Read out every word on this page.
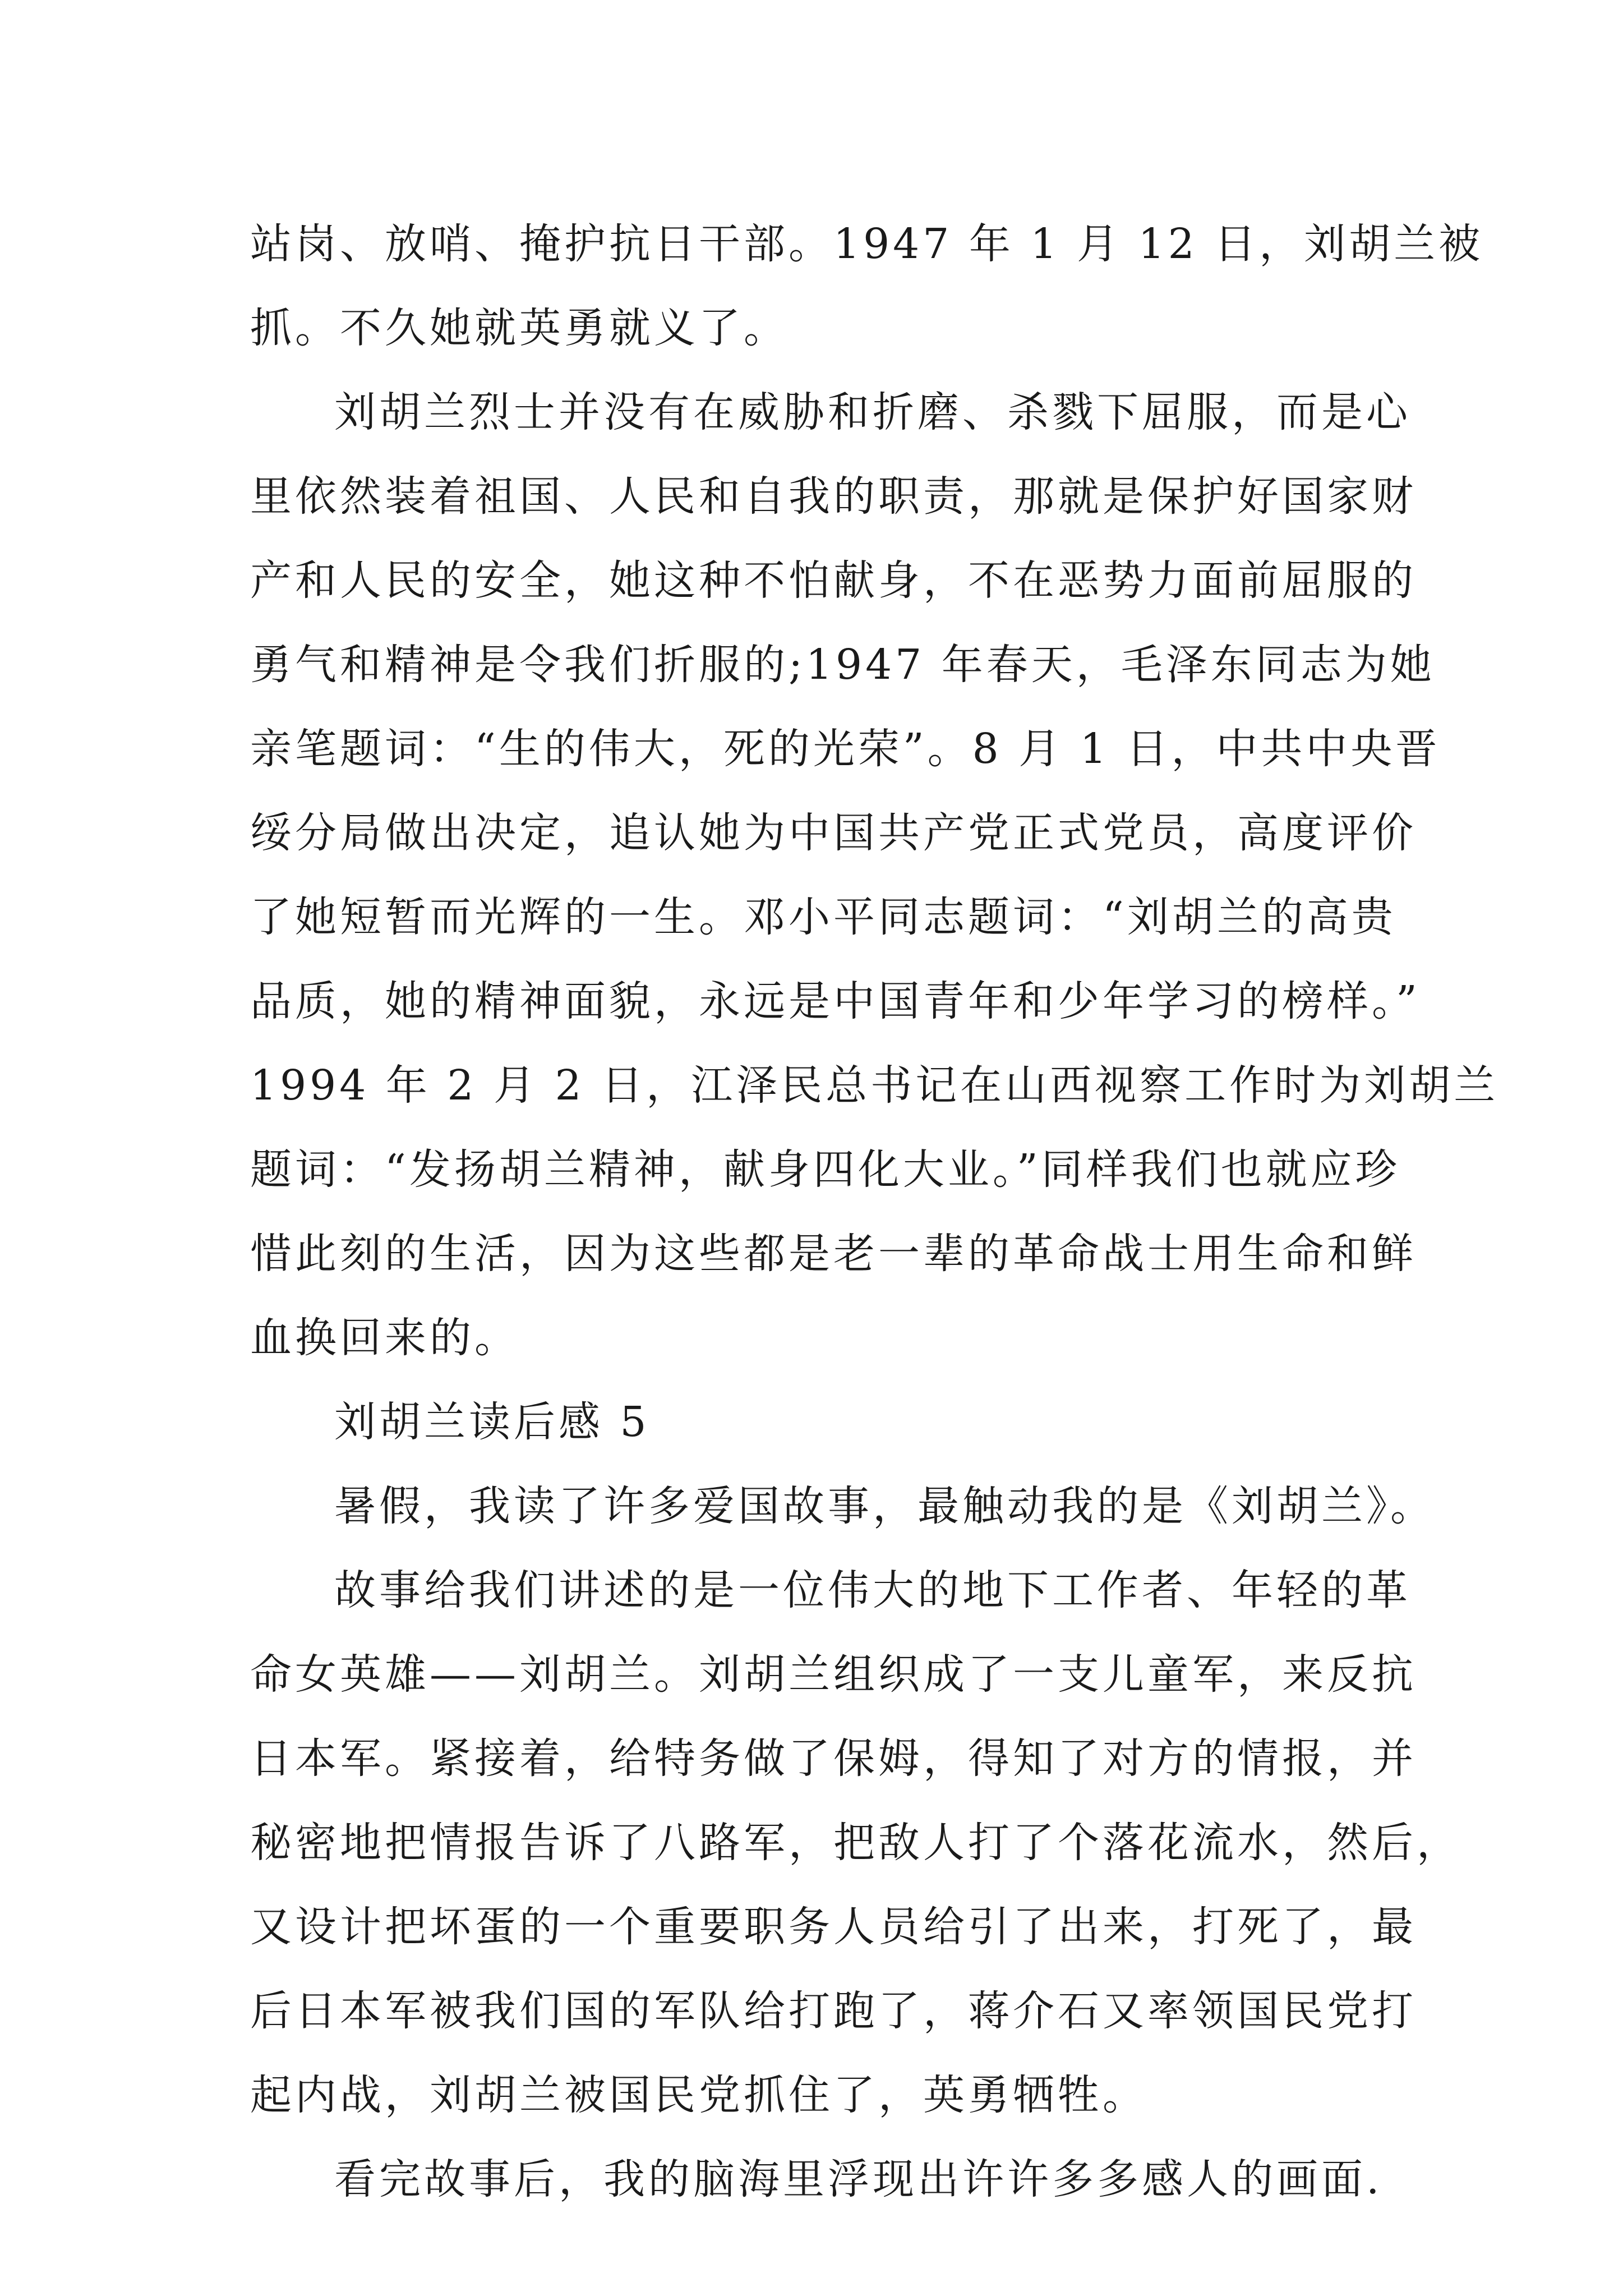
站岗、放哨、掩护抗日干部。1947 年 1 月 12 日，刘胡兰被
抓。不久她就英勇就义了。
刘胡兰烈士并没有在威胁和折磨、杀戮下屈服，而是心
里依然装着祖国、人民和自我的职责，那就是保护好国家财
产和人民的安全，她这种不怕献身，不在恶势力面前屈服的
勇气和精神是令我们折服的;1947 年春天，毛泽东同志为她
亲笔题词：“生的伟大，死的光荣”。8 月 1 日，中共中央晋
绥分局做出决定，追认她为中国共产党正式党员，高度评价
了她短暂而光辉的一生。邓小平同志题词：“刘胡兰的高贵
品质，她的精神面貌，永远是中国青年和少年学习的榜样。”
1994 年 2 月 2 日，江泽民总书记在山西视察工作时为刘胡兰
题词：“发扬胡兰精神，献身四化大业。”同样我们也就应珍
惜此刻的生活，因为这些都是老一辈的革命战士用生命和鲜
血换回来的。
刘胡兰读后感 5
暑假，我读了许多爱国故事，最触动我的是《刘胡兰》。
故事给我们讲述的是一位伟大的地下工作者、年轻的革
命女英雄——刘胡兰。刘胡兰组织成了一支儿童军，来反抗
日本军。紧接着，给特务做了保姆，得知了对方的情报，并
秘密地把情报告诉了八路军，把敌人打了个落花流水，然后，
又设计把坏蛋的一个重要职务人员给引了出来，打死了，最
后日本军被我们国的军队给打跑了，蒋介石又率领国民党打
起内战，刘胡兰被国民党抓住了，英勇牺牲。
看完故事后，我的脑海里浮现出许许多多感人的画面.
